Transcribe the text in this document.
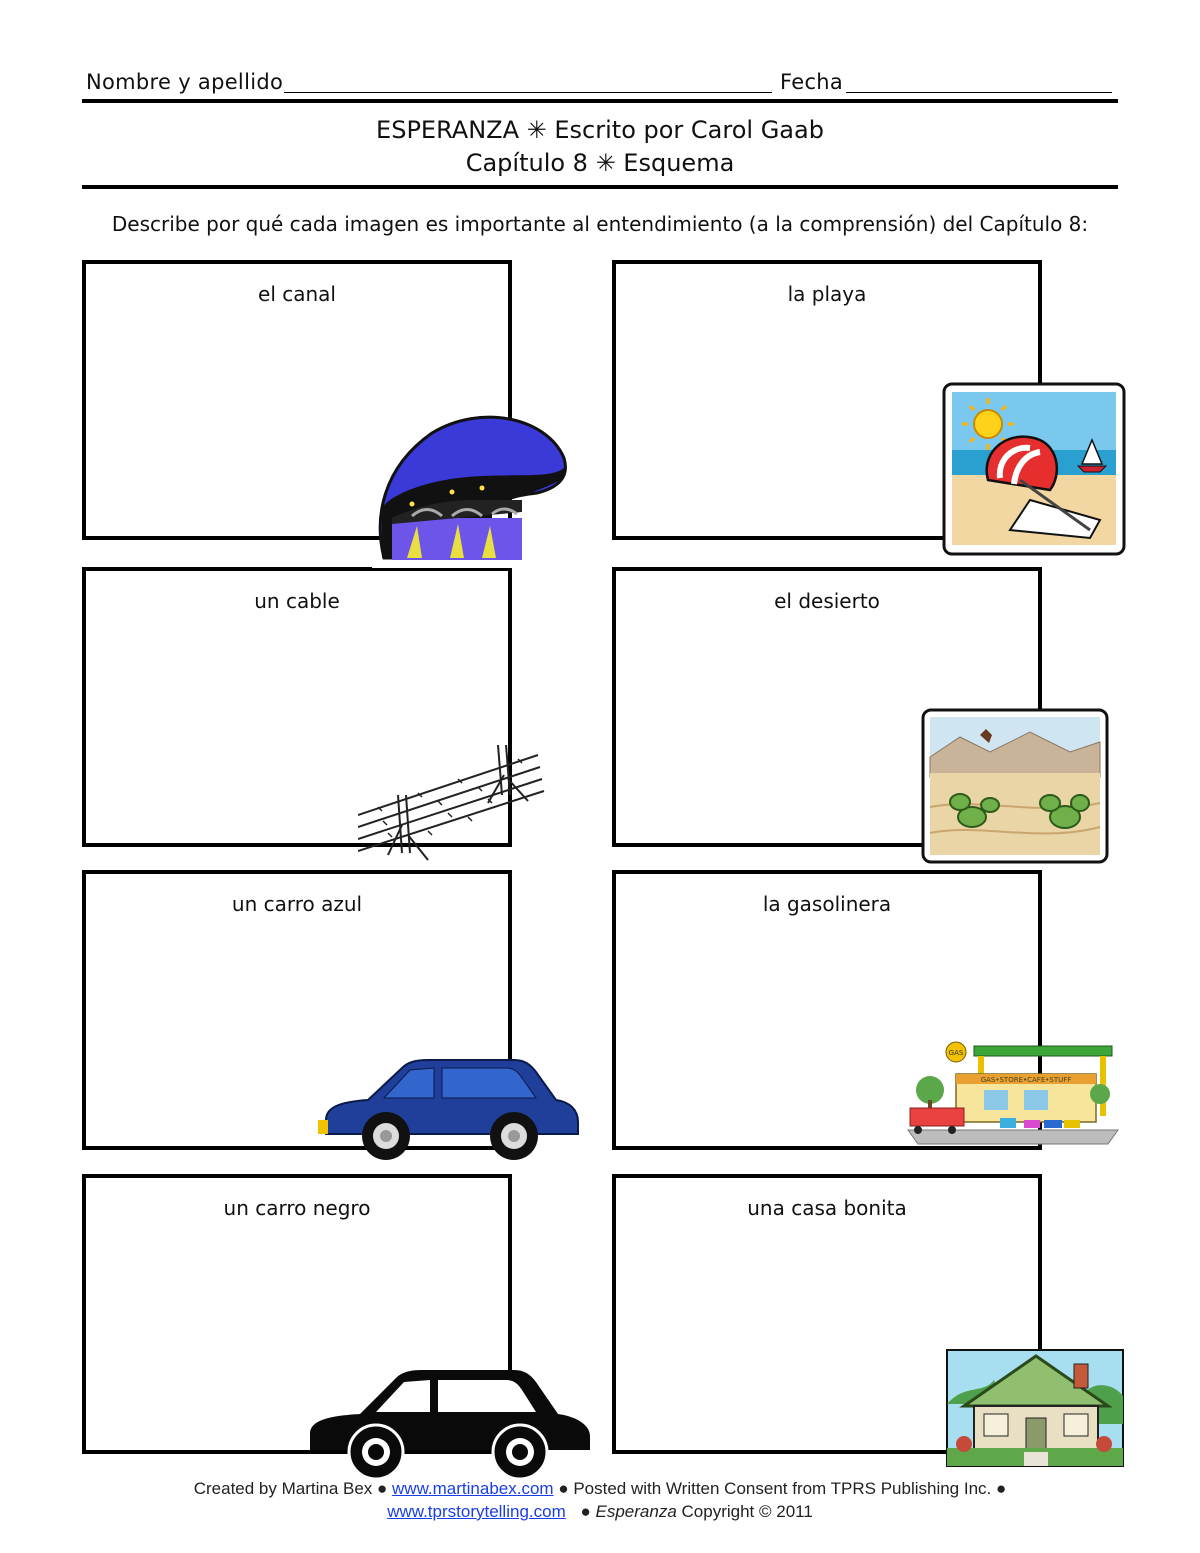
Nombre y apellido	Fecha
ESPERANZA ✳ Escrito por Carol Gaab
Capítulo 8 ✳ Esquema
Describe por qué cada imagen es importante al entendimiento (a la comprensión) del Capítulo 8:
el canal	la playa
un cable	el desierto
un carro azul	la gasolinera
un carro negro	una casa bonita
GAS•STORE•CAFE•STUFF
GAS
Created by Martina Bex ● www.martinabex.com ● Posted with Written Consent from TPRS Publishing Inc. ●
www.tprstorytelling.com ● Esperanza Copyright © 2011
